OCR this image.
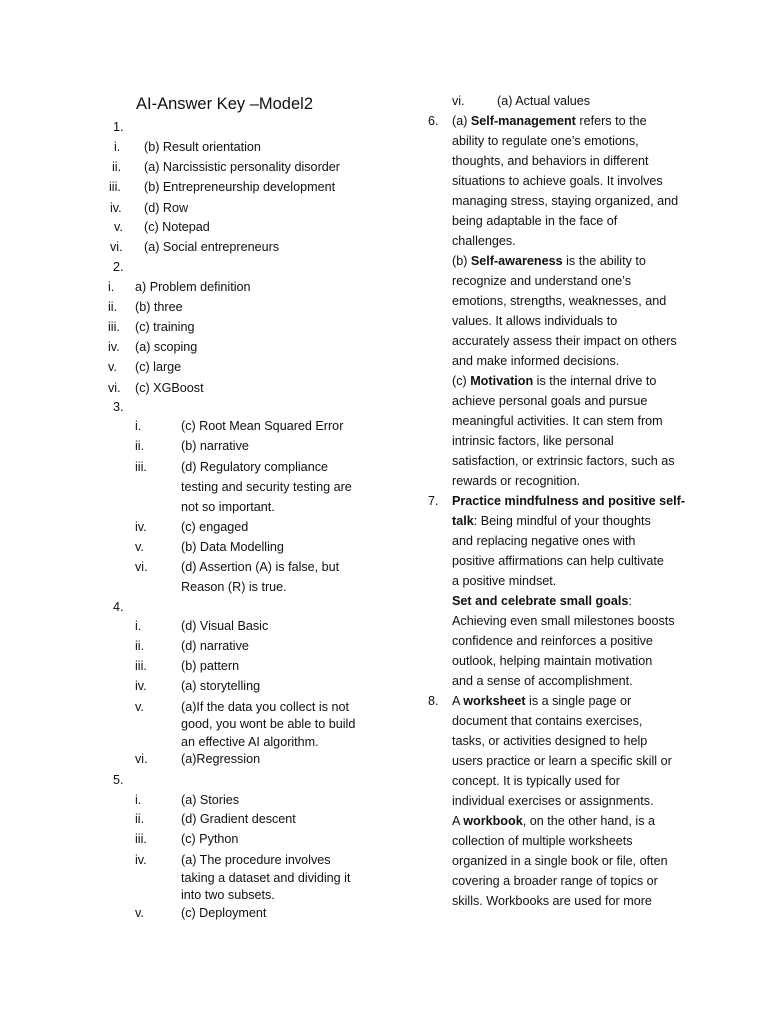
AI-Answer Key –Model2
1.
i. (b) Result orientation
ii. (a) Narcissistic personality disorder
iii. (b) Entrepreneurship development
iv. (d) Row
v. (c) Notepad
vi. (a) Social entrepreneurs
2.
i. a) Problem definition
ii. (b) three
iii. (c) training
iv. (a) scoping
v. (c) large
vi. (c) XGBoost
3.
i.	(c) Root Mean Squared Error
ii.	(b) narrative
iii.	(d) Regulatory compliance
testing and security testing are
not so important.
iv.	(c) engaged
v.	(b) Data Modelling
vi.	(d) Assertion (A) is false, but
Reason (R) is true.
4.
i.	(d) Visual Basic
ii.	(d) narrative
iii.	(b) pattern
iv.	(a) storytelling
v.	(a)If the data you collect is not
good, you wont be able to build
an effective AI algorithm.
vi.	(a)Regression
5.
i.	(a) Stories
ii.	(d) Gradient descent
iii.	(c) Python
iv.	(a) The procedure involves
taking a dataset and dividing it
into two subsets.
v.	(c) Deployment
vi.	(a) Actual values
6. (a) Self-management refers to the
ability to regulate one’s emotions,
thoughts, and behaviors in different
situations to achieve goals. It involves
managing stress, staying organized, and
being adaptable in the face of
challenges.
(b) Self-awareness is the ability to
recognize and understand one’s
emotions, strengths, weaknesses, and
values. It allows individuals to
accurately assess their impact on others
and make informed decisions.
(c) Motivation is the internal drive to
achieve personal goals and pursue
meaningful activities. It can stem from
intrinsic factors, like personal
satisfaction, or extrinsic factors, such as
rewards or recognition.
7. Practice mindfulness and positive self-
talk: Being mindful of your thoughts
and replacing negative ones with
positive affirmations can help cultivate
a positive mindset.
Set and celebrate small goals:
Achieving even small milestones boosts
confidence and reinforces a positive
outlook, helping maintain motivation
and a sense of accomplishment.
8. A worksheet is a single page or
document that contains exercises,
tasks, or activities designed to help
users practice or learn a specific skill or
concept. It is typically used for
individual exercises or assignments.
A workbook, on the other hand, is a
collection of multiple worksheets
organized in a single book or file, often
covering a broader range of topics or
skills. Workbooks are used for more
